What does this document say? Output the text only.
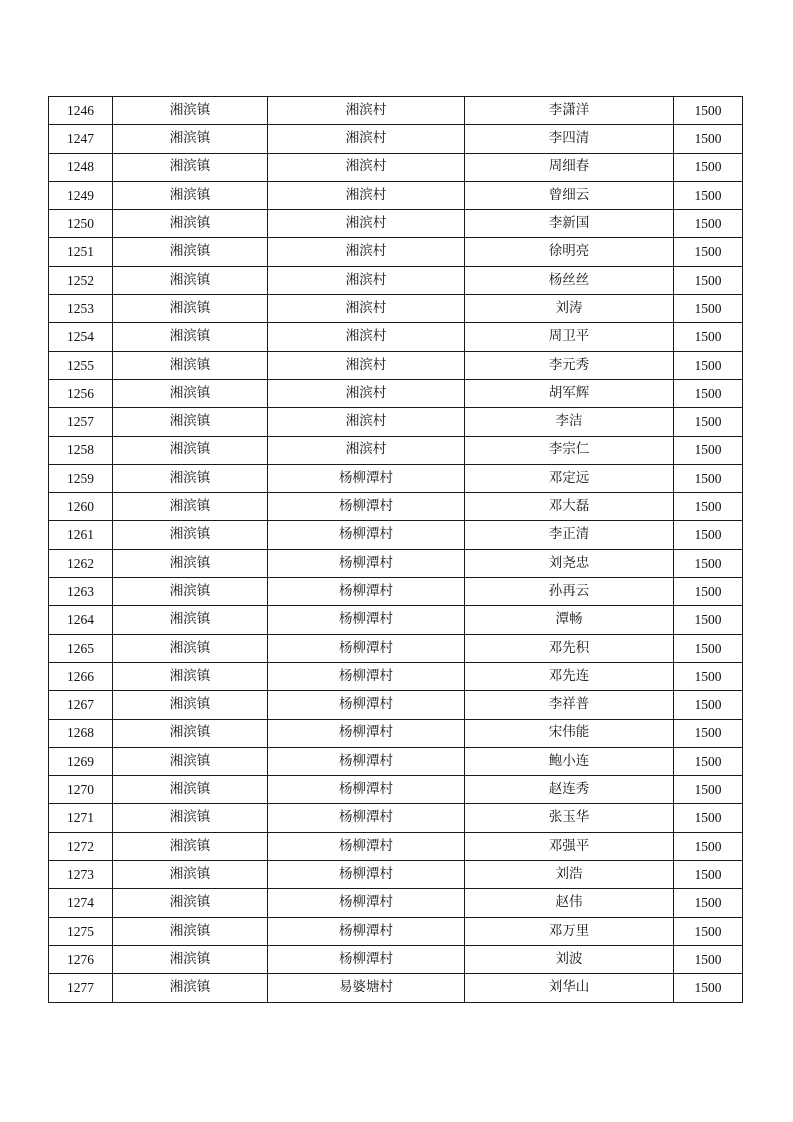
1246	湘滨镇	湘滨村	李潇洋	1500
1247	湘滨镇	湘滨村	李四清	1500
1248	湘滨镇	湘滨村	周细春	1500
1249	湘滨镇	湘滨村	曾细云	1500
1250	湘滨镇	湘滨村	李新国	1500
1251	湘滨镇	湘滨村	徐明亮	1500
1252	湘滨镇	湘滨村	杨丝丝	1500
1253	湘滨镇	湘滨村	刘涛	1500
1254	湘滨镇	湘滨村	周卫平	1500
1255	湘滨镇	湘滨村	李元秀	1500
1256	湘滨镇	湘滨村	胡军辉	1500
1257	湘滨镇	湘滨村	李洁	1500
1258	湘滨镇	湘滨村	李宗仁	1500
1259	湘滨镇	杨柳潭村	邓定远	1500
1260	湘滨镇	杨柳潭村	邓大磊	1500
1261	湘滨镇	杨柳潭村	李正清	1500
1262	湘滨镇	杨柳潭村	刘尧忠	1500
1263	湘滨镇	杨柳潭村	孙再云	1500
1264	湘滨镇	杨柳潭村	潭畅	1500
1265	湘滨镇	杨柳潭村	邓先积	1500
1266	湘滨镇	杨柳潭村	邓先连	1500
1267	湘滨镇	杨柳潭村	李祥普	1500
1268	湘滨镇	杨柳潭村	宋伟能	1500
1269	湘滨镇	杨柳潭村	鲍小连	1500
1270	湘滨镇	杨柳潭村	赵连秀	1500
1271	湘滨镇	杨柳潭村	张玉华	1500
1272	湘滨镇	杨柳潭村	邓强平	1500
1273	湘滨镇	杨柳潭村	刘浩	1500
1274	湘滨镇	杨柳潭村	赵伟	1500
1275	湘滨镇	杨柳潭村	邓万里	1500
1276	湘滨镇	杨柳潭村	刘波	1500
1277	湘滨镇	易婆塘村	刘华山	1500
